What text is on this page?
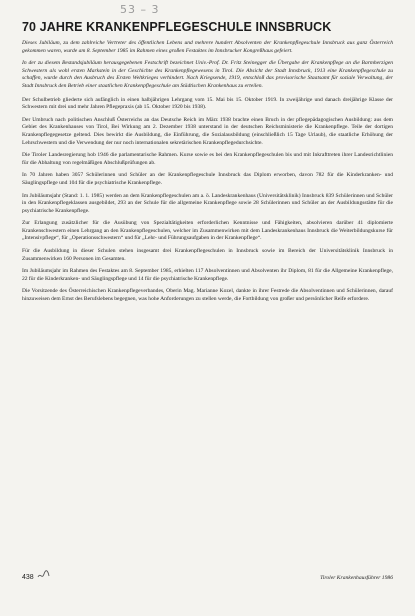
53 – 3
70 JAHRE KRANKENPFLEGESCHULE INNSBRUCK

Dieses Jubiläum, zu dem zahlreiche Vertreter des öffentlichen Lebens und mehrere hundert Absolventen der Krankenpflegeschule Innsbruck aus ganz Österreich gekommen waren, wurde am 8. September 1985 im Rahmen eines großen Festaktes im Innsbrucker Kongreßhaus gefeiert.

In der zu diesem Bestandsjubiläum herausgegebenen Festschrift bezeichnet Univ.-Prof. Dr. Fritz Steinegger die Übergabe der Krankenpflege an die Barmherzigen Schwestern als wohl ersten Markstein in der Geschichte des Krankenpflegewesens in Tirol. Die Absicht der Stadt Innsbruck, 1913 eine Krankenpflegeschule zu schaffen, wurde durch den Ausbruch des Ersten Weltkrieges verhindert. Nach Kriegsende, 1919, entschloß das provisorische Staatsamt für soziale Verwaltung, der Stadt Innsbruck den Betrieb einer staatlichen Krankenpflegeschule am Städtischen Krankenhaus zu erteilen.

Der Schulbetrieb gliederte sich aufänglich in einen halbjährigen Lehrgang vom 15. Mai bis 15. Oktober 1919. In zweijährige und danach dreijährige Klasse der Schwestern mit drei und mehr Jahren Pflegepraxis (ab 15. Oktober 1920 bis 1938).

Der Umbruch nach politischen Anschluß Österreichs an das Deutsche Reich im März 1938 brachte einen Bruch in der pflegepädagogischen Ausbildung: aus dem Gebiet des Krankenhauses von Tirol, Bei Wirkung am 2. Dezember 1938 unterstand in der deutschen Reichsministerie die Krankenpflege. Teile der dortigen Krankenpflegegesetze geltend. Dies bewirkt die Ausbildung, die Einführung, die Sozialausbildung (einschließlich 15 Tage Urlaub), die staatliche Erhöhung der Lehrschwestern und die Verwendung der nur noch internationalen sekretärischen Krankenpflegedurchsichte.

Die Tiroler Landesregierung hob 1946 die parlamentarische Rahmen. Kurse sowie es bei den Krankenpflegeschulen bis und mit Inkrafttreten ihrer Landesrichtlinien für die Abhaltung von regelmäßigen Abschlußprüfungen ab.

In 70 Jahren haben 3057 Schülerinnen und Schüler an der Krankenpflegeschule Innsbruck das Diplom erworben, davon 782 für die Kinderkranken- und Säuglingspflege und 104 für die psychiatrische Krankenpflege.

Im Jubiläumsjahr (Stand: 1. 1. 1985) werden an dem Krankenpflegeschulen am a. ö. Landeskrankenhaus (Universitätsklinik) Innsbruck 839 Schülerinnen und Schüler in den Krankenpflegeklassen ausgebildet, 293 an der Schule für die allgemeine Krankenpflege sowie 28 Schülerinnen und Schüler an der Ausbildungsstätte für die psychiatrische Krankenpflege.

Zur Erlangung zusätzlicher für die Ausübung von Spezialtätigkeiten erforderlichen Kenntnisse und Fähigkeiten, absolvieren darüber 41 diplomierte Krankenschwestern einen Lehrgang an den Krankenpflegeschulen, welcher im Zusammenwirken mit dem Landeskrankenhaus Innsbruck die Weiterbildungskurse für „Intensivpflege“, für „Operationsschwestern“ und für „Lehr- und Führungsaufgaben in der Krankenpflege“.

Für die Ausbildung in dieser Schulen stehen insgesamt drei Krankenpflegeschulen in Innsbruck sowie im Bereich der Universitätsklinik Innsbruck in Zusammenwirken 160 Personen im Gesamten.

Im Jubiläumsjahr im Rahmen des Festaktes am 8. September 1985, erhielten 117 Absolventinnen und Absolventen ihr Diplom, 81 für die Allgemeine Krankenpflege, 22 für die Kinderkranken- und Säuglingspflege und 14 für die psychiatrische Krankenpflege.

Die Vorsitzende des Österreichischen Krankenpflegeverbandes, Oberin Mag. Marianne Kozel, dankte in ihrer Festrede die Absolventinnen und Schülerinnen, darauf hinzuweisen dem Ernst des Berufslebens begegnen, was hohe Anforderungen zu stellen werde, die Fortbildung von großer und persönlicher Reife erfordere.

438	Tiroler Krankenhausführer 1986
